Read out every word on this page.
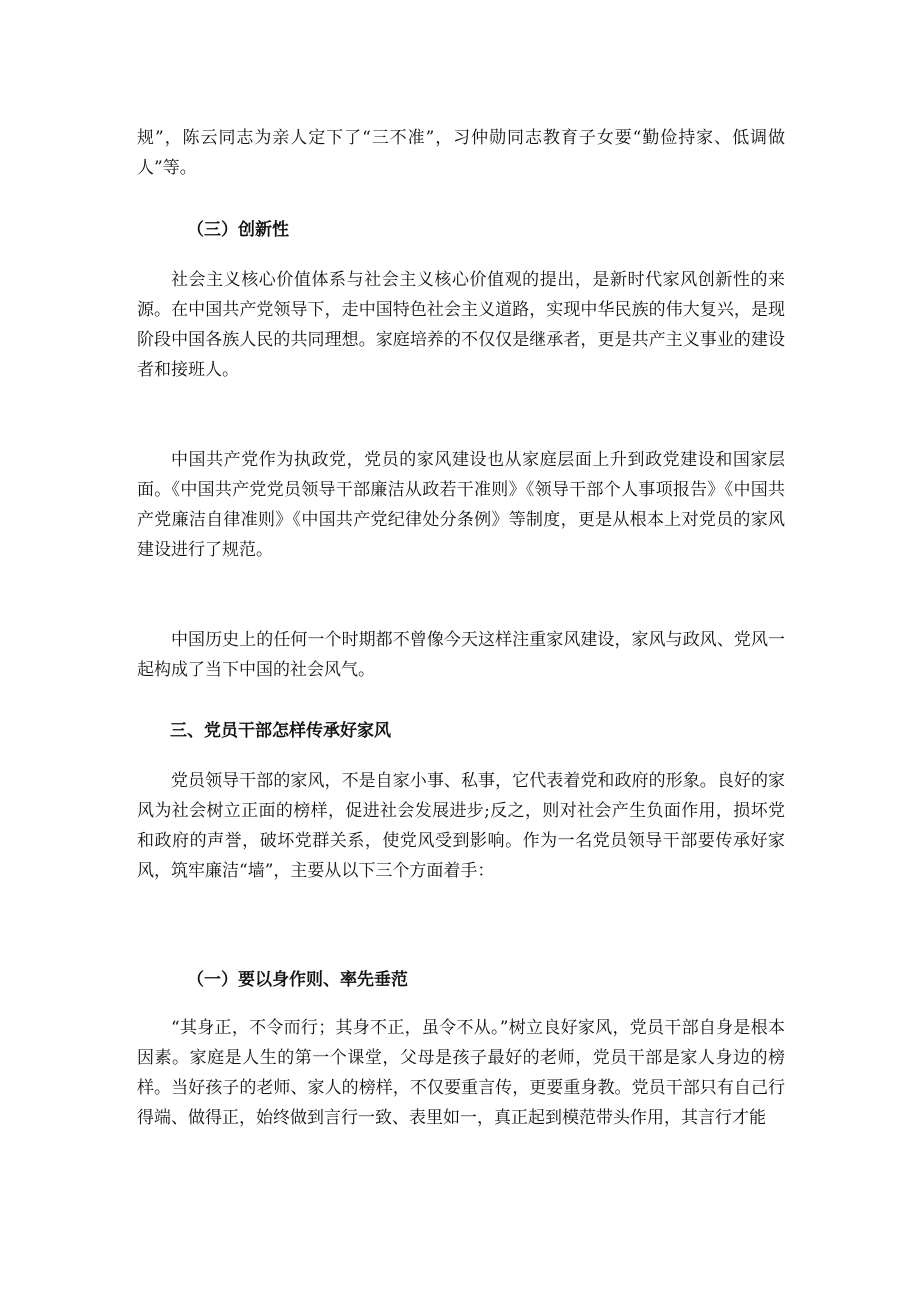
规”，陈云同志为亲人定下了“三不准”，习仲勋同志教育子女要“勤俭持家、低调做人”等。

（三）创新性

社会主义核心价值体系与社会主义核心价值观的提出，是新时代家风创新性的来源。在中国共产党领导下，走中国特色社会主义道路，实现中华民族的伟大复兴，是现阶段中国各族人民的共同理想。家庭培养的不仅仅是继承者，更是共产主义事业的建设者和接班人。

中国共产党作为执政党，党员的家风建设也从家庭层面上升到政党建设和国家层面。《中国共产党党员领导干部廉洁从政若干准则》《领导干部个人事项报告》《中国共产党廉洁自律准则》《中国共产党纪律处分条例》等制度，更是从根本上对党员的家风建设进行了规范。

中国历史上的任何一个时期都不曾像今天这样注重家风建设，家风与政风、党风一起构成了当下中国的社会风气。

三、党员干部怎样传承好家风

党员领导干部的家风，不是自家小事、私事，它代表着党和政府的形象。良好的家风为社会树立正面的榜样，促进社会发展进步;反之，则对社会产生负面作用，损坏党和政府的声誉，破坏党群关系，使党风受到影响。作为一名党员领导干部要传承好家风，筑牢廉洁“墙”，主要从以下三个方面着手：

（一）要以身作则、率先垂范

“其身正，不令而行；其身不正，虽令不从。”树立良好家风，党员干部自身是根本因素。家庭是人生的第一个课堂，父母是孩子最好的老师，党员干部是家人身边的榜样。当好孩子的老师、家人的榜样，不仅要重言传，更要重身教。党员干部只有自己行得端、做得正，始终做到言行一致、表里如一，真正起到模范带头作用，其言行才能
